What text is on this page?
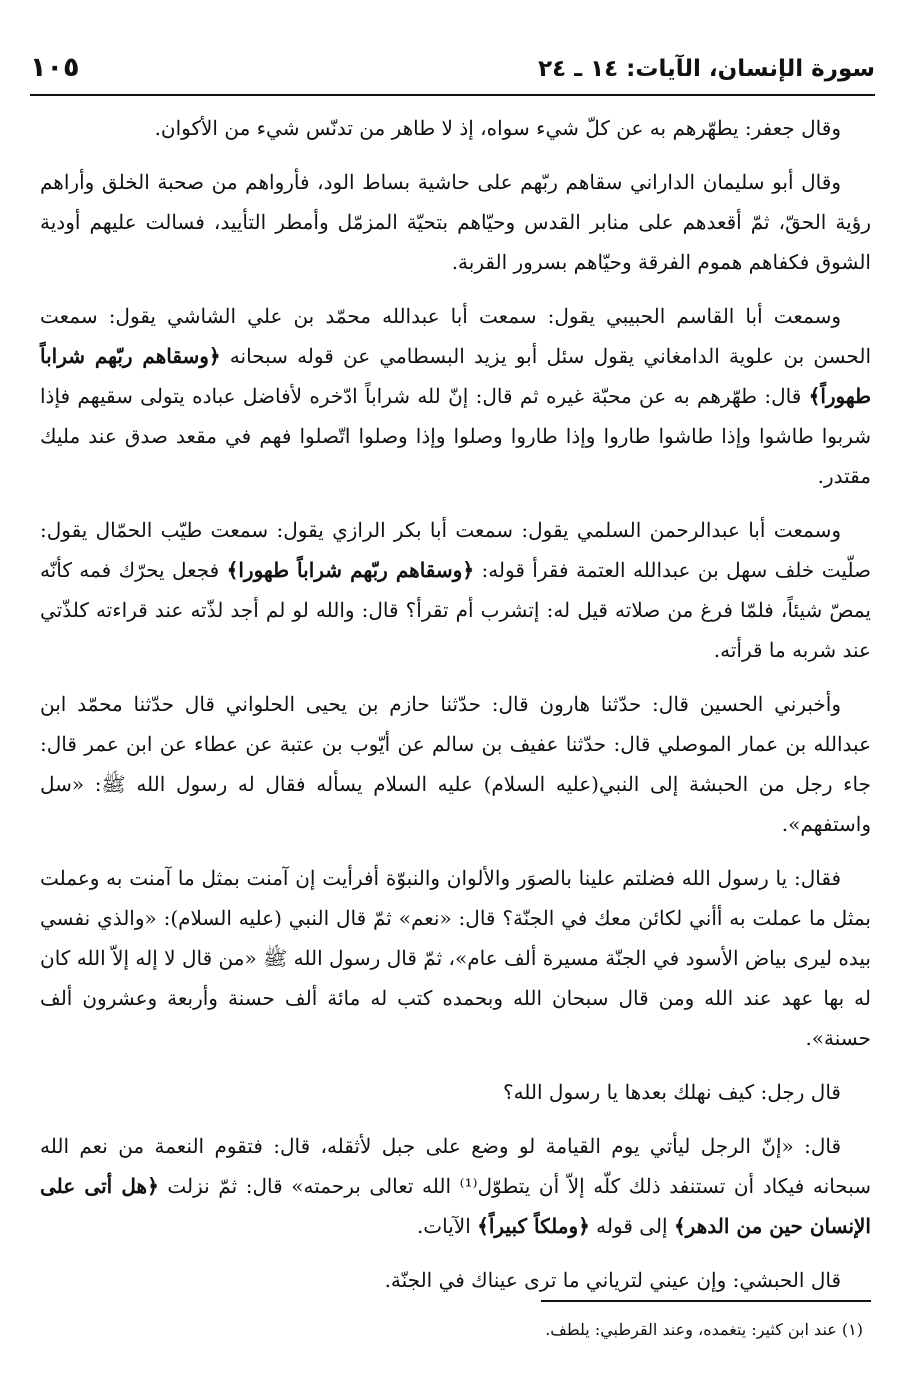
سورة الإنسان، الآيات: ١٤ ـ ٢٤
١٠٥

وقال جعفر: يطهّرهم به عن كلّ شيء سواه، إذ لا طاهر من تدنّس شيء من الأكوان.

وقال أبو سليمان الداراني سقاهم ربّهم على حاشية بساط الود، فأرواهم من صحبة الخلق وأراهم رؤية الحقّ، ثمّ أقعدهم على منابر القدس وحيّاهم بتحيّة المزمّل وأمطر التأييد، فسالت عليهم أودية الشوق فكفاهم هموم الفرقة وحيّاهم بسرور القربة.

وسمعت أبا القاسم الحبيبي يقول: سمعت أبا عبدالله محمّد بن علي الشاشي يقول: سمعت الحسن بن علوية الدامغاني يقول سئل أبو يزيد البسطامي عن قوله سبحانه ﴿وسقاهم ربّهم شراباً طهوراً﴾ قال: طهّرهم به عن محبّة غيره ثم قال: إنّ لله شراباً ادّخره لأفاضل عباده يتولى سقيهم فإذا شربوا طاشوا وإذا طاشوا طاروا وإذا طاروا وصلوا وإذا وصلوا اتّصلوا فهم في مقعد صدق عند مليك مقتدر.

وسمعت أبا عبدالرحمن السلمي يقول: سمعت أبا بكر الرازي يقول: سمعت طيّب الحمّال يقول: صلّيت خلف سهل بن عبدالله العتمة فقرأ قوله: ﴿وسقاهم ربّهم شراباً طهورا﴾ فجعل يحرّك فمه كأنّه يمصّ شيئاً، فلمّا فرغ من صلاته قيل له: إتشرب أم تقرأ؟ قال: والله لو لم أجد لذّته عند قراءته كلذّتي عند شربه ما قرأته.

وأخبرني الحسين قال: حدّثنا هارون قال: حدّثنا حازم بن يحيى الحلواني قال حدّثنا محمّد ابن عبدالله بن عمار الموصلي قال: حدّثنا عفيف بن سالم عن أيّوب بن عتبة عن عطاء عن ابن عمر قال: جاء رجل من الحبشة إلى النبي(عليه السلام) عليه السلام يسأله فقال له رسول الله ﷺ: «سل واستفهم».

فقال: يا رسول الله فضلتم علينا بالصوَر والألوان والنبوّة أفرأيت إن آمنت بمثل ما آمنت به وعملت بمثل ما عملت به أأني لكائن معك في الجنّة؟ قال: «نعم» ثمّ قال النبي (عليه السلام): «والذي نفسي بيده ليرى بياض الأسود في الجنّة مسيرة ألف عام»، ثمّ قال رسول الله ﷺ «من قال لا إله إلاّ الله كان له بها عهد عند الله ومن قال سبحان الله وبحمده كتب له مائة ألف حسنة وأربعة وعشرون ألف حسنة».

قال رجل: كيف نهلك بعدها يا رسول الله؟

قال: «إنّ الرجل ليأتي يوم القيامة لو وضع على جبل لأثقله، قال: فتقوم النعمة من نعم الله سبحانه فيكاد أن تستنفد ذلك كلّه إلاّ أن يتطوّل⁽¹⁾ الله تعالى برحمته» قال: ثمّ نزلت ﴿هل أتى على الإنسان حين من الدهر﴾ إلى قوله ﴿وملكاً كبيراً﴾ الآيات.

قال الحبشي: وإن عيني لترياني ما ترى عيناك في الجنّة.

(١) عند ابن كثير: يتغمده، وعند القرطبي: يلطف.
